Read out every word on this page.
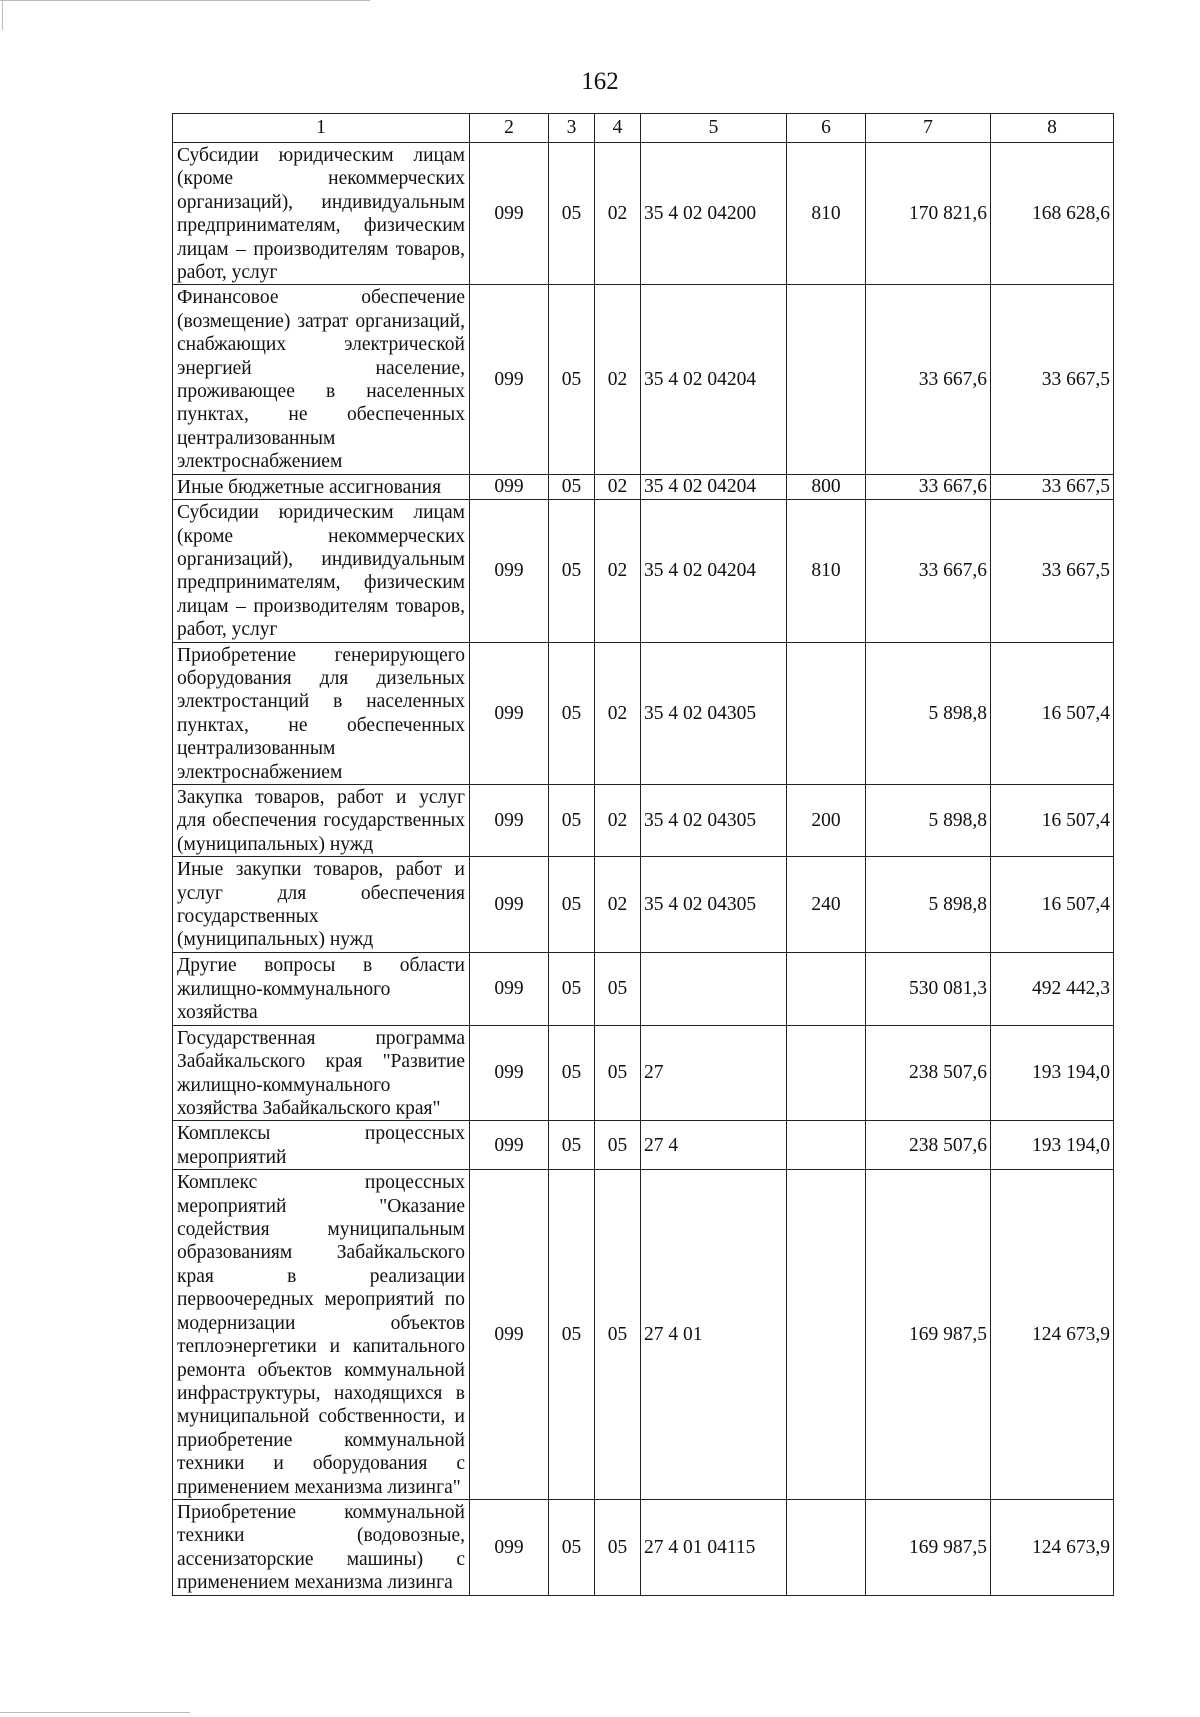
162
1	2	3	4	5	6	7	8
Субсидии юридическим лицам (кроме некоммерческих организаций), индивидуальным предпринимателям, физическим лицам – производителям товаров, работ, услуг	099	05	02	35 4 02 04200	810	170 821,6	168 628,6
Финансовое обеспечение (возмещение) затрат организаций, снабжающих электрической энергией население, проживающее в населенных пунктах, не обеспеченных централизованным электроснабжением	099	05	02	35 4 02 04204		33 667,6	33 667,5
Иные бюджетные ассигнования	099	05	02	35 4 02 04204	800	33 667,6	33 667,5
Субсидии юридическим лицам (кроме некоммерческих организаций), индивидуальным предпринимателям, физическим лицам – производителям товаров, работ, услуг	099	05	02	35 4 02 04204	810	33 667,6	33 667,5
Приобретение генерирующего оборудования для дизельных электростанций в населенных пунктах, не обеспеченных централизованным электроснабжением	099	05	02	35 4 02 04305		5 898,8	16 507,4
Закупка товаров, работ и услуг для обеспечения государственных (муниципальных) нужд	099	05	02	35 4 02 04305	200	5 898,8	16 507,4
Иные закупки товаров, работ и услуг для обеспечения государственных (муниципальных) нужд	099	05	02	35 4 02 04305	240	5 898,8	16 507,4
Другие вопросы в области жилищно-коммунального хозяйства	099	05	05			530 081,3	492 442,3
Государственная программа Забайкальского края "Развитие жилищно-коммунального хозяйства Забайкальского края"	099	05	05	27		238 507,6	193 194,0
Комплексы процессных мероприятий	099	05	05	27 4		238 507,6	193 194,0
Комплекс процессных мероприятий "Оказание содействия муниципальным образованиям Забайкальского края в реализации первоочередных мероприятий по модернизации объектов теплоэнергетики и капитального ремонта объектов коммунальной инфраструктуры, находящихся в муниципальной собственности, и приобретение коммунальной техники и оборудования с применением механизма лизинга"	099	05	05	27 4 01		169 987,5	124 673,9
Приобретение коммунальной техники (водовозные, ассенизаторские машины) с применением механизма лизинга	099	05	05	27 4 01 04115		169 987,5	124 673,9
